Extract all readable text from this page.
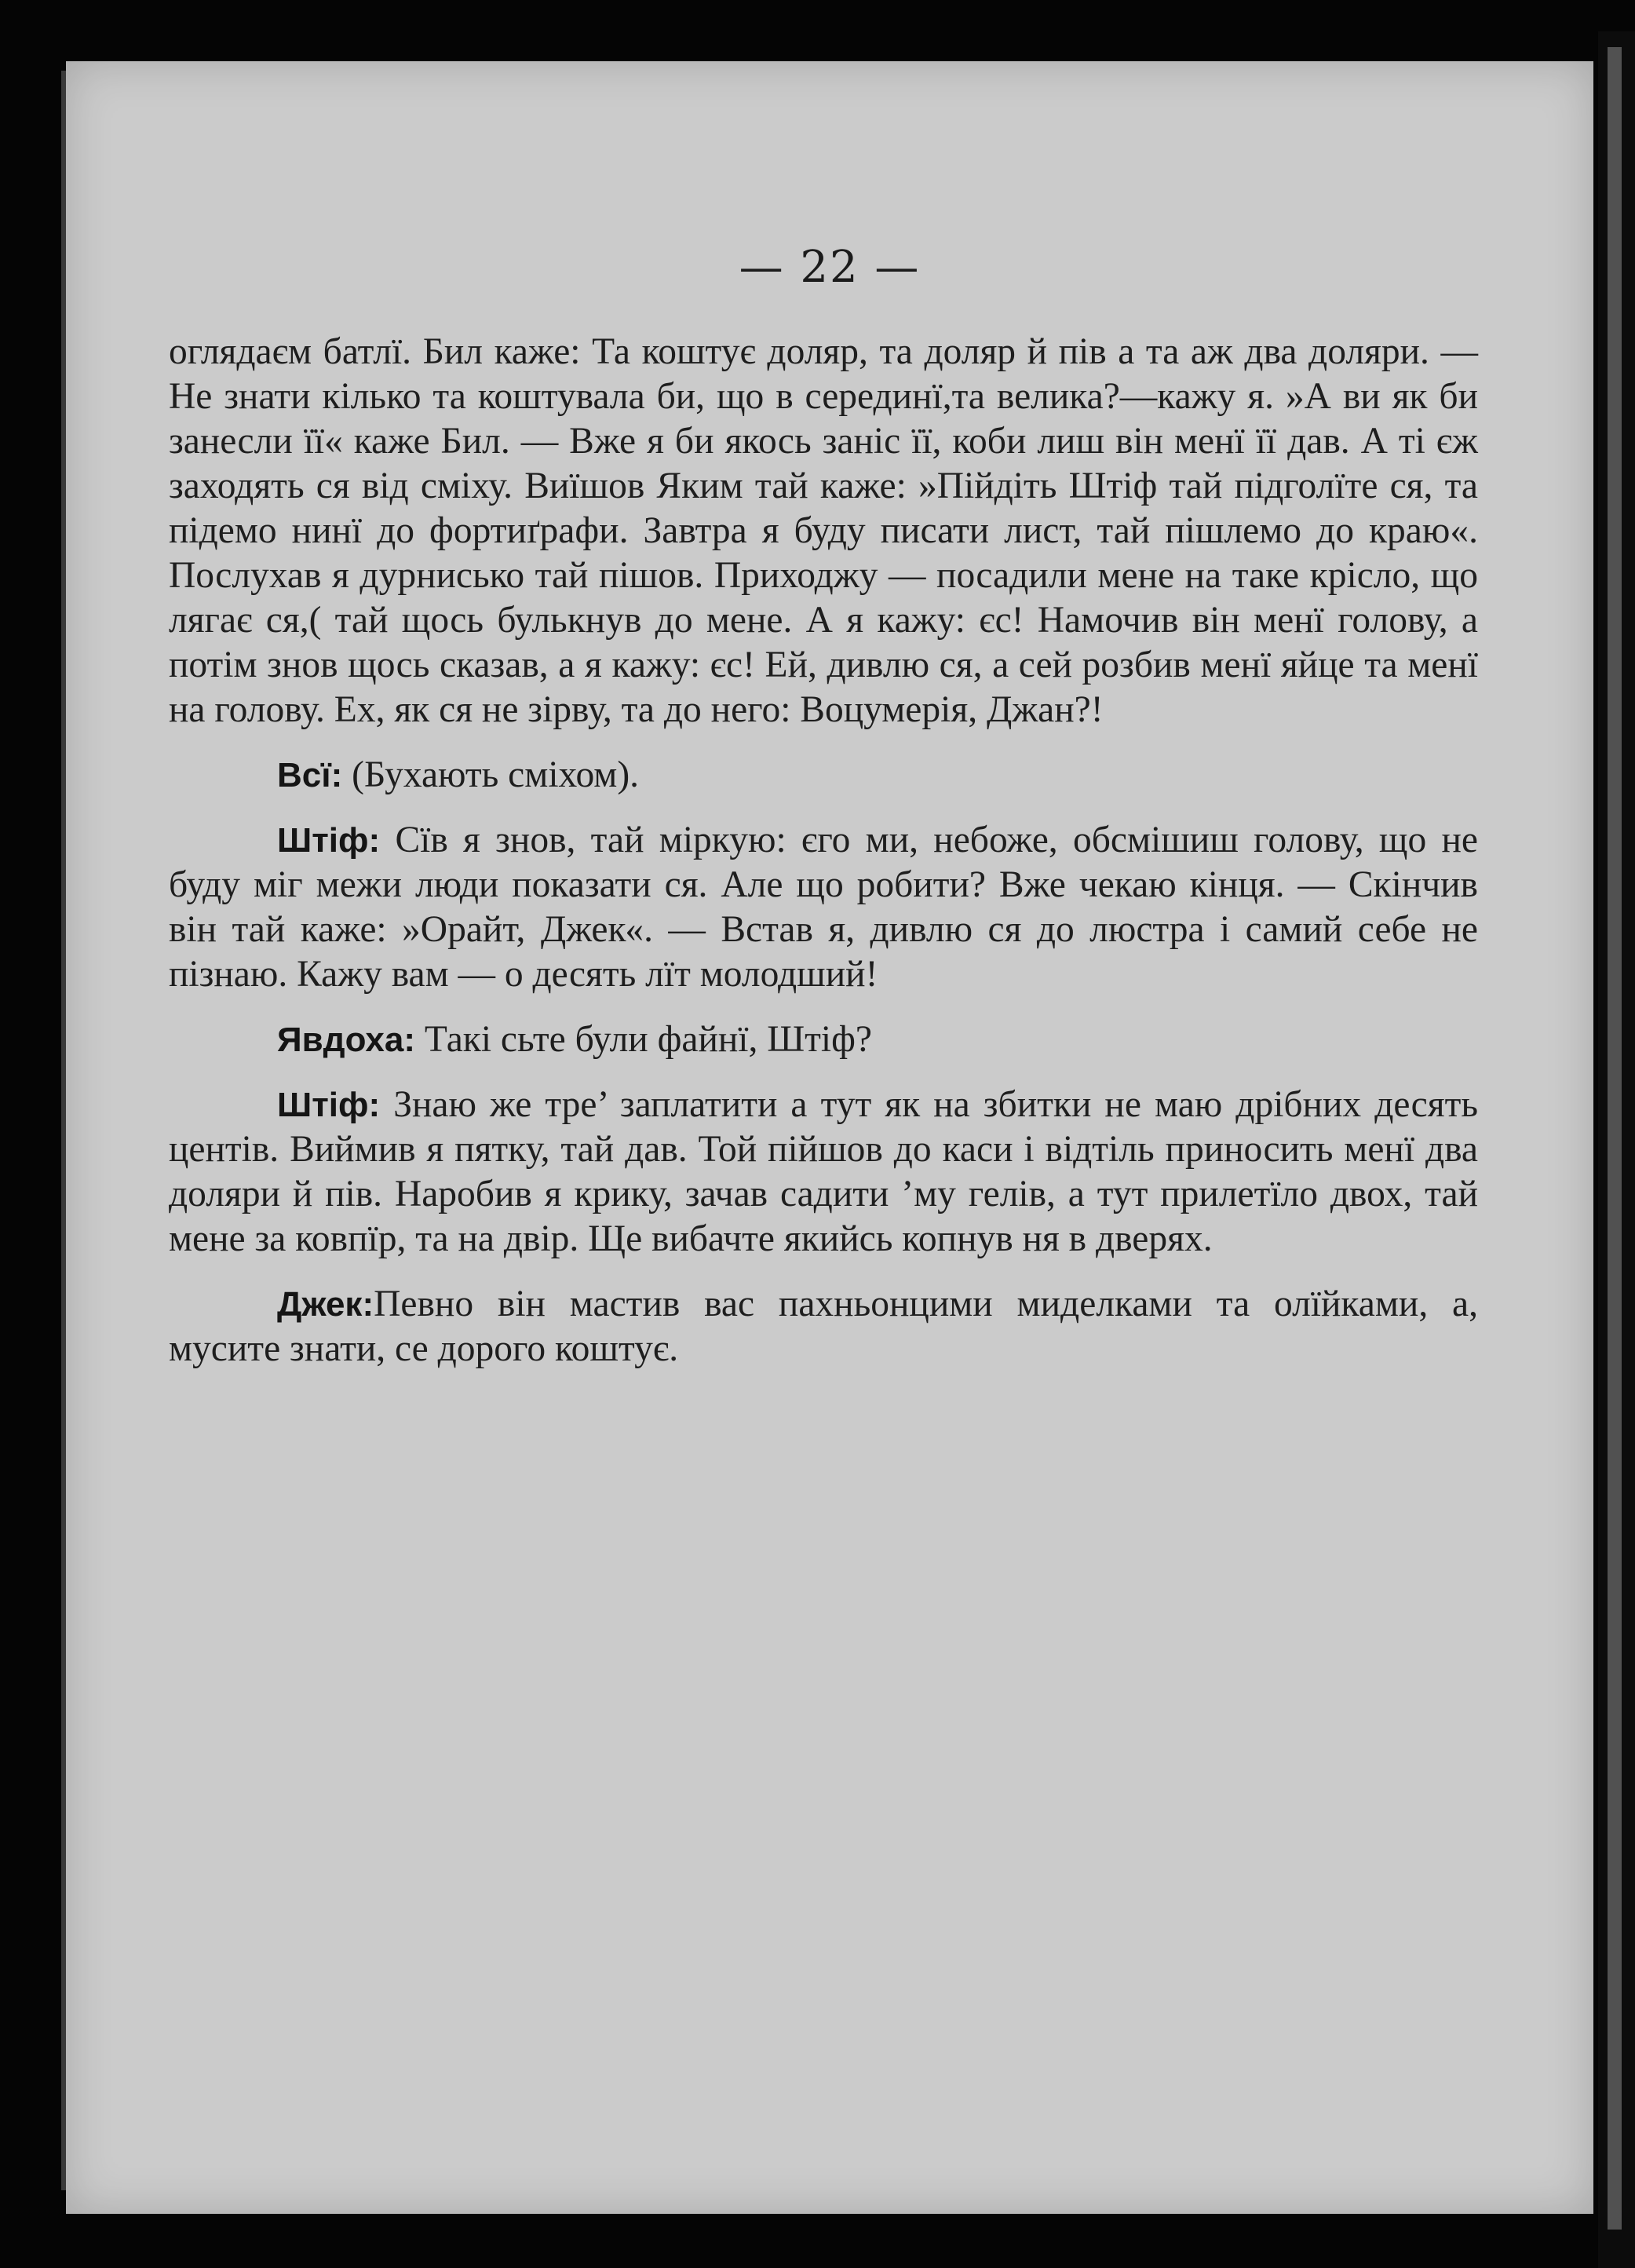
— 22 —

оглядаєм батлї. Бил каже: Та коштує доляр, та доляр й пів а та аж два доляри. — Не знати кілько та коштувала би, що в серединї,та велика?—кажу я. »А ви як би занесли її« каже Бил. — Вже я би якось заніс її, коби лиш він менї її дав. А ті єж заходять ся від сміху. Виїшов Яким тай каже: »Пійдіть Штіф тай підголїте ся, та підемо нинї до фортиґрафи. Завтра я буду писати лист, тай пішлемо до краю«. Послухав я дурнисько тай пішов. Приходжу — посадили мене на таке крісло, що лягає ся,( тай щось булькнув до мене. А я кажу: єс! Намочив він менї голову, а потім знов щось сказав, а я кажу: єс! Ей, дивлю ся, а сей розбив менї яйце та менї на голову. Ех, як ся не зірву, та до него: Воцумерія, Джан?!

Всї: (Бухають сміхом).

Штіф: Сїв я знов, тай міркую: єго ми, небоже, обсмішиш голову, що не буду міг межи люди показати ся. Але що робити? Вже чекаю кінця. — Скінчив він тай каже: »Орайт, Джек«. — Встав я, дивлю ся до люстра і самий себе не пізнаю. Кажу вам — о десять лїт молодший!

Явдоха: Такі сьте були файнї, Штіф?

Штіф: Знаю же тре’ заплатити а тут як на збитки не маю дрібних десять центів. Виймив я пятку, тай дав. Той пійшов до каси і відтіль приносить менї два доляри й пів. Наробив я крику, зачав садити ’му гелів, а тут прилетїло двох, тай мене за ковпїр, та на двір. Ще вибачте якийсь копнув ня в дверях.

Джек:Певно він мастив вас пахньонцими миделками та олїйками, а, мусите знати, се дорого коштує.
